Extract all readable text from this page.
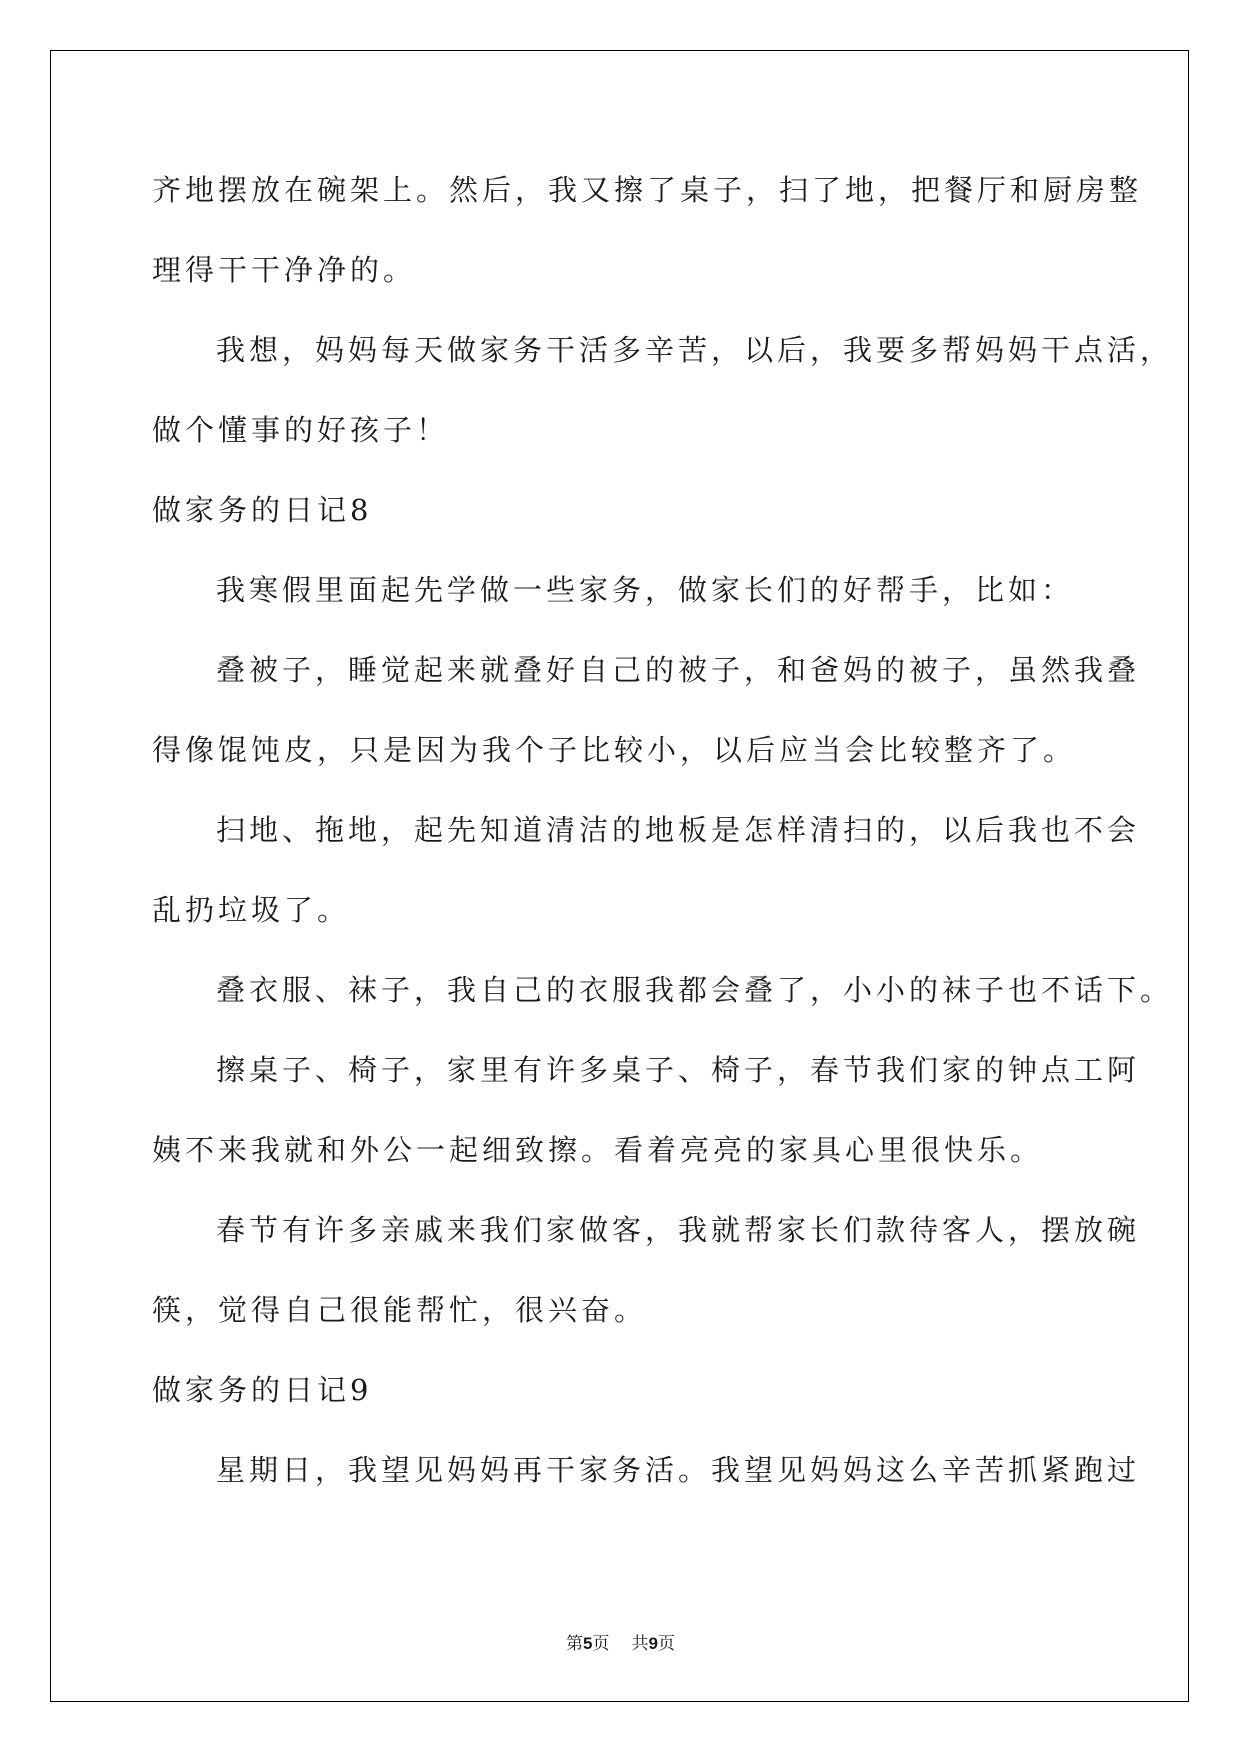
齐地摆放在碗架上。然后，我又擦了桌子，扫了地，把餐厅和厨房整

理得干干净净的。

我想，妈妈每天做家务干活多辛苦，以后，我要多帮妈妈干点活，

做个懂事的好孩子！

做家务的日记8

我寒假里面起先学做一些家务，做家长们的好帮手，比如：

叠被子，睡觉起来就叠好自己的被子，和爸妈的被子，虽然我叠

得像馄饨皮，只是因为我个子比较小，以后应当会比较整齐了。

扫地、拖地，起先知道清洁的地板是怎样清扫的，以后我也不会

乱扔垃圾了。

叠衣服、袜子，我自己的衣服我都会叠了，小小的袜子也不话下。

擦桌子、椅子，家里有许多桌子、椅子，春节我们家的钟点工阿

姨不来我就和外公一起细致擦。看着亮亮的家具心里很快乐。

春节有许多亲戚来我们家做客，我就帮家长们款待客人，摆放碗

筷，觉得自己很能帮忙，很兴奋。

做家务的日记9

星期日，我望见妈妈再干家务活。我望见妈妈这么辛苦抓紧跑过

第5页 共9页
